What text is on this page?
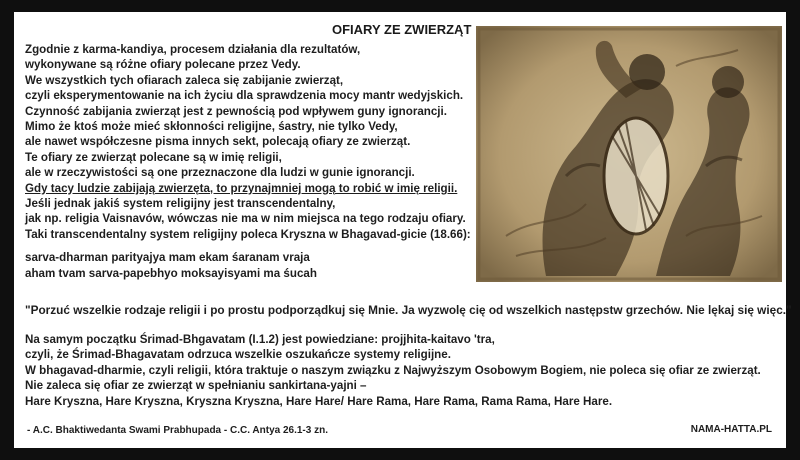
OFIARY ZE ZWIERZĄT
Zgodnie z karma-kandiya, procesem działania dla rezultatów,
wykonywane są różne ofiary polecane przez Vedy.
We wszystkich tych ofiarach zaleca się zabijanie zwierząt,
czyli eksperymentowanie na ich życiu dla sprawdzenia mocy mantr wedyjskich.
Czynność zabijania zwierząt jest z pewnością pod wpływem guny ignorancji.
Mimo że ktoś może mieć skłonności religijne, śastry, nie tylko Vedy,
ale nawet współczesne pisma innych sekt, polecają ofiary ze zwierząt.
Te ofiary ze zwierząt polecane są w imię religii,
ale w rzeczywistości są one przeznaczone dla ludzi w gunie ignorancji.
Gdy tacy ludzie zabijają zwierzęta, to przynajmniej mogą to robić w imię religii.
Jeśli jednak jakiś system religijny jest transcendentalny,
jak np. religia Vaisnavów, wówczas nie ma w nim miejsca na tego rodzaju ofiary.
Taki transcendentalny system religijny poleca Kryszna w Bhagavad-gicie (18.66):
sarva-dharman parityajya mam ekam śaranam vraja
aham tvam sarva-papebhyo moksayisyami ma śucah
"Porzuć wszelkie rodzaje religii i po prostu podporządkuj się Mnie. Ja wyzwolę cię od wszelkich następstw grzechów. Nie lękaj się więc."
Na samym początku Śrimad-Bhgavatam (I.1.2) jest powiedziane: projjhita-kaitavo 'tra,
czyli, że Śrimad-Bhagavatam odrzuca wszelkie oszukańcze systemy religijne.
W bhagavad-dharmie, czyli religii, która traktuje o naszym związku z Najwyższym Osobowym Bogiem, nie poleca się ofiar ze zwierząt.
Nie zaleca się ofiar ze zwierząt w spełnianiu sankirtana-yajni –
Hare Kryszna, Hare Kryszna, Kryszna Kryszna, Hare Hare/ Hare Rama, Hare Rama, Rama Rama, Hare Hare.
- A.C. Bhaktiwedanta Swami Prabhupada - C.C. Antya 26.1-3 zn.	NAMA-HATTA.PL
